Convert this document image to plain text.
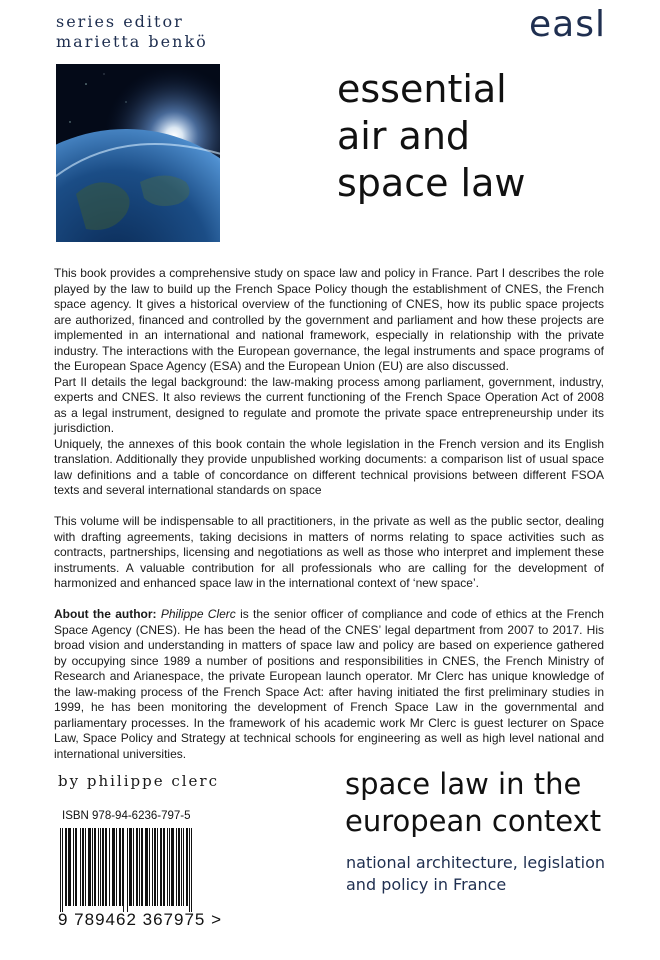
series editor
marietta benkö	easl
essential
air and
space law

This book provides a comprehensive study on space law and policy in France. Part I describes the role played by the law to build up the French Space Policy though the establishment of CNES, the French space agency. It gives a historical overview of the functioning of CNES, how its public space projects are authorized, financed and controlled by the government and parliament and how these projects are implemented in an international and national framework, especially in relationship with the private industry. The interactions with the European governance, the legal instruments and space programs of the European Space Agency (ESA) and the European Union (EU) are also discussed.

Part II details the legal background: the law-making process among parliament, government, industry, experts and CNES. It also reviews the current functioning of the French Space Operation Act of 2008 as a legal instrument, designed to regulate and promote the private space entrepreneurship under its jurisdiction.

Uniquely, the annexes of this book contain the whole legislation in the French version and its English translation. Additionally they provide unpublished working documents: a comparison list of usual space law definitions and a table of concordance on different technical provisions between different FSOA texts and several international standards on space

This volume will be indispensable to all practitioners, in the private as well as the public sector, dealing with drafting agreements, taking decisions in matters of norms relating to space activities such as contracts, partnerships, licensing and negotiations as well as those who interpret and implement these instruments. A valuable contribution for all professionals who are calling for the development of harmonized and enhanced space law in the international context of ‘new space’.

About the author: Philippe Clerc is the senior officer of compliance and code of ethics at the French Space Agency (CNES). He has been the head of the CNES’ legal department from 2007 to 2017. His broad vision and understanding in matters of space law and policy are based on experience gathered by occupying since 1989 a number of positions and responsibilities in CNES, the French Ministry of Research and Arianespace, the private European launch operator. Mr Clerc has unique knowledge of the law-making process of the French Space Act: after having initiated the first preliminary studies in 1999, he has been monitoring the development of French Space Law in the governmental and parliamentary processes. In the framework of his academic work Mr Clerc is guest lecturer on Space Law, Space Policy and Strategy at technical schools for engineering as well as high level national and international universities.

by philippe clerc
ISBN 978-94-6236-797-5
9 789462 367975 >
space law in the
european context
national architecture, legislation
and policy in France
